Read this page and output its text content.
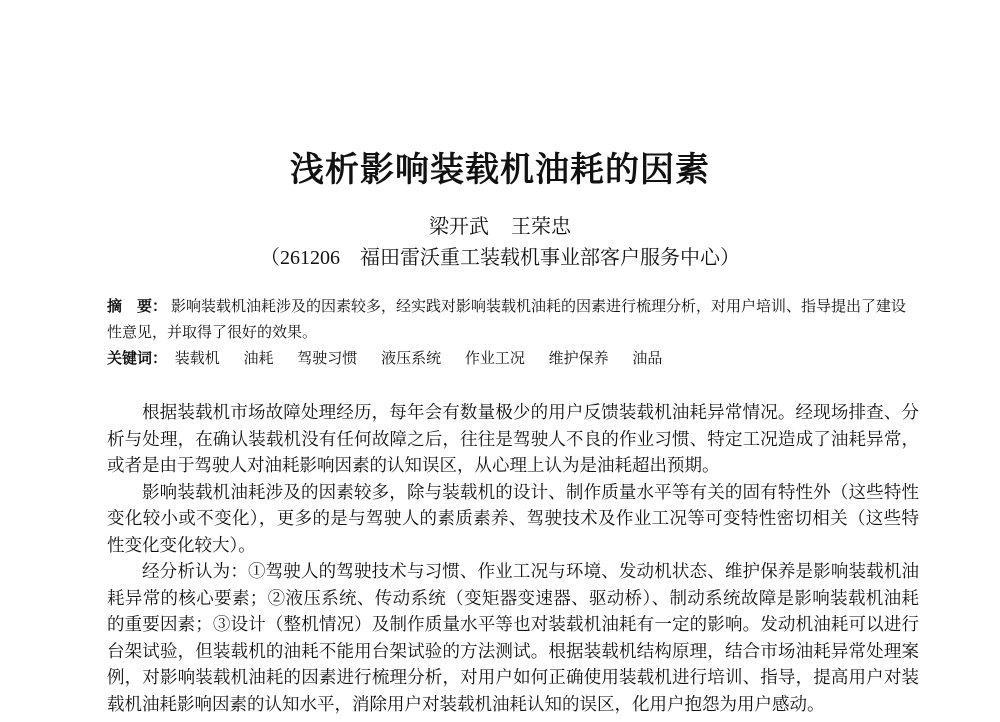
浅析影响装载机油耗的因素
梁开武 王荣忠
（261206　福田雷沃重工装载机事业部客户服务中心）
摘　要： 影响装载机油耗涉及的因素较多，经实践对影响装载机油耗的因素进行梳理分析，对用户培训、指导提出了建设性意见，并取得了很好的效果。
关键词： 装载机 油耗 驾驶习惯 液压系统 作业工况 维护保养 油品

根据装载机市场故障处理经历，每年会有数量极少的用户反馈装载机油耗异常情况。经现场排查、分析与处理，在确认装载机没有任何故障之后，往往是驾驶人不良的作业习惯、特定工况造成了油耗异常，或者是由于驾驶人对油耗影响因素的认知误区，从心理上认为是油耗超出预期。

影响装载机油耗涉及的因素较多，除与装载机的设计、制作质量水平等有关的固有特性外（这些特性变化较小或不变化），更多的是与驾驶人的素质素养、驾驶技术及作业工况等可变特性密切相关（这些特性变化变化较大）。

经分析认为：①驾驶人的驾驶技术与习惯、作业工况与环境、发动机状态、维护保养是影响装载机油耗异常的核心要素；②液压系统、传动系统（变矩器变速器、驱动桥）、制动系统故障是影响装载机油耗的重要因素；③设计（整机情况）及制作质量水平等也对装载机油耗有一定的影响。发动机油耗可以进行台架试验，但装载机的油耗不能用台架试验的方法测试。根据装载机结构原理，结合市场油耗异常处理案例，对影响装载机油耗的因素进行梳理分析，对用户如何正确使用装载机进行培训、指导，提高用户对装载机油耗影响因素的认知水平，消除用户对装载机油耗认知的误区，化用户抱怨为用户感动。
